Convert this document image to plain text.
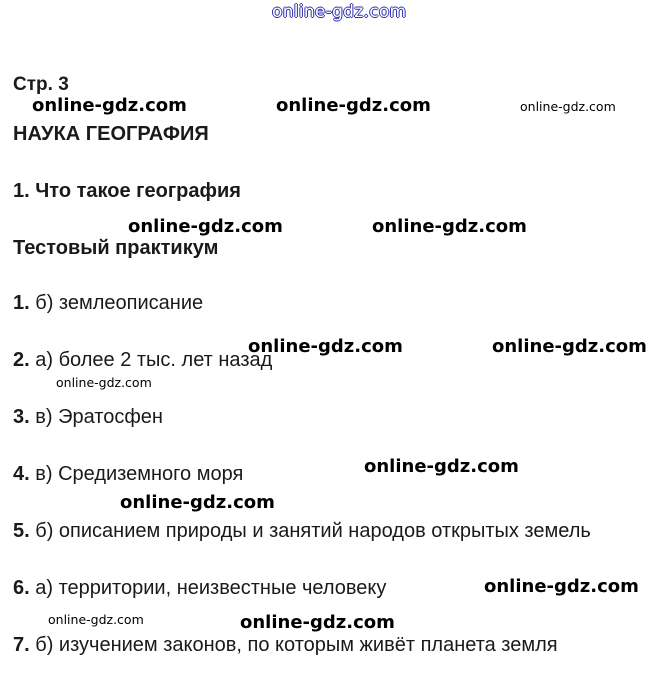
online-gdz.com
Стр. 3
НАУКА ГЕОГРАФИЯ
1. Что такое география
Тестовый практикум
1. б) землеописание
2. а) более 2 тыс. лет назад
3. в) Эратосфен
4. в) Средиземного моря
5. б) описанием природы и занятий народов открытых земель
6. а) территории, неизвестные человеку
7. б) изучением законов, по которым живёт планета земля
online-gdz.com	online-gdz.com	online-gdz.com
online-gdz.com	online-gdz.com
online-gdz.com	online-gdz.com
online-gdz.com
online-gdz.com
online-gdz.com
online-gdz.com
online-gdz.com	online-gdz.com
